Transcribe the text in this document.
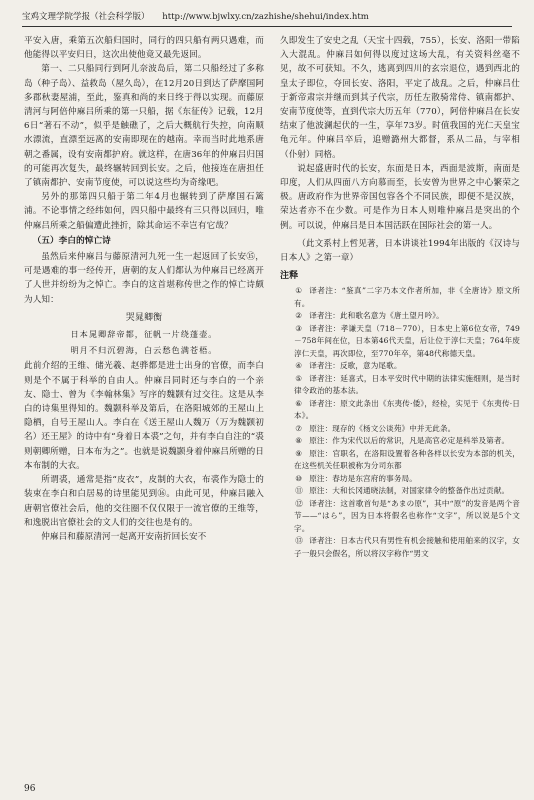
宝鸡文理学院学报（社会科学版） http://www.bjwlxy.cn/zazhishe/shehui/index.htm

平安入唐，乘第五次船归国时，同行的四只船有两只遇难，而他能得以平安归日，这次出使他竟又最先返回。

第一、二只船同行到阿儿奈波岛后，第二只船经过了多称岛（种子岛）、益救岛（屋久岛），在12月20日到达了萨摩国阿多郡秋妻屋浦，至此，鉴真和尚的来日终于得以实现。而藤原清河与阿倍仲麻吕所乘的第一只船，据《东征传》记载，12月6日“著石不动”，似乎是触礁了，之后大概航行失控，向南顺水漂流，直漂至远离的安南即现在的越南。幸而当时此地系唐朝之番属，设有安南都护府。就这样，在唐36年的仲麻吕归国的可能再次复失，最终辗转回到长安。之后，他接连在唐担任了镇南都护、安南节度使，可以说这些均为奇缘吧。

另外的那第四只船于第二年4月也辗转到了萨摩国石篱浦。不论事情之经纬如何，四只船中最终有三只得以回归，唯仲麻吕所乘之船偏遭此挫折，除其命运不幸岂有它哉？

（五）李白的悼亡诗

虽然后来仲麻吕与藤原清河九死一生一起返回了长安⑮，可是遇难的事一经传开，唐朝的友人们都认为仲麻吕已经离开了人世并纷纷为之悼亡。李白的这首堪称传世之作的悼亡诗颇为人知：

哭晁卿衡
日本晁卿辞帝都，征帆一片绕蓬壶。
明月不归沉碧海，白云愁色满苍梧。

此前介绍的王维、储光羲、赵骅都是进士出身的官僚，而李白则是个不属于科举的自由人。仲麻吕同时还与李白的一个亲友、隐士、曾为《李翰林集》写序的魏颢有过交往。这是从李白的诗集里得知的。魏颢科举及第后，在洛阳城郊的王屋山上隐栖，自号王屋山人。李白在《送王屋山人魏万（万为魏颢初名）还王屋》的诗中有“身着日本裘”之句，并有李白自注的“裘则朝卿所赠，日本布为之”。也就是说魏颢身着仲麻吕所赠的日本布制的大衣。

所谓裘，通常是指“皮衣”，皮制的大衣，布裘作为隐士的装束在李白和白居易的诗里能见到⑯。由此可见，仲麻吕融入唐朝官僚社会后，他的交往圈不仅仅限于一流官僚的王维等，和逸脱出官僚社会的文人们的交往也是有的。

仲麻吕和藤原清河一起离开安南折回长安不

久即发生了安史之乱（天宝十四载，755），长安、洛阳一带陷入大混乱。仲麻吕如何得以度过这场大乱，有关资料丝毫不见，故不可获知。不久，逃离到四川的玄宗退位，遇到西北的皇太子即位，夺回长安、洛阳，平定了战乱。之后，仲麻吕仕于新帝肃宗并继而到其子代宗，历任左散骑常侍、镇南都护、安南节度使等，直到代宗大历五年（770），阿倍仲麻吕在长安结束了他波澜起伏的一生，享年73岁。时值我国的光仁天皇宝龟元年。仲麻吕卒后，追赠潞州大都督，系从二品，与宰相（仆射）同格。

说起盛唐时代的长安，东面是日本，西面是波斯，南面是印度，人们从四面八方向慕而至，长安曾为世界之中心繁荣之极。唐政府作为世界帝国包容各个不同民族，即便不是汉族，荣达者亦不在少数。可是作为日本人则唯仲麻吕是突出的个例。可以说，仲麻吕是日本国活跃在国际社会的第一人。

（此文系村上哲见著，日本讲谈社1994年出版的《汉诗与日本人》之第一章）

注释

① 译者注：“鉴真”二字乃本文作者所加，非《全唐诗》原文所有。

② 译者注：此和歌名意为《唐土望月吟》。

③ 译者注：孝谦天皇（718－770），日本史上第6位女帝，749－758年间在位，日本第46代天皇，后让位于淳仁天皇；764年废淳仁天皇，再次即位，至770年卒，第48代称德天皇。

④ 译者注：反歌，意为尾歌。

⑤ 译者注：延喜式，日本平安时代中期的法律实施细则，是当时律令政治的基本法。

⑥ 译者注：原文此条出《东夷传·倭》，经检，实见于《东夷传·日本》。

⑦ 原注：现存的《杨文公谈苑》中并无此条。

⑧ 原注：作为宋代以后的常识，凡是高官必定是科举及第者。

⑨ 原注：官职名，在洛阳设置着各种各样以长安为本部的机关，在这些机关任职被称为分司东都

⑩ 原注：春坊是东宫府的事务局。

⑪ 原注：大和长冈通晓法制，对国家律令的整备作出过贡献。

⑫ 译者注：这首歌首句是“あまの原”，其中“原”的发音是两个音节——“はら”，因为日本将假名也称作“文字”，所以说是5个文字。

⑬ 译者注：日本古代只有男性有机会接触和使用舶来的汉字，女子一般只会假名，所以将汉字称作“男文

96
